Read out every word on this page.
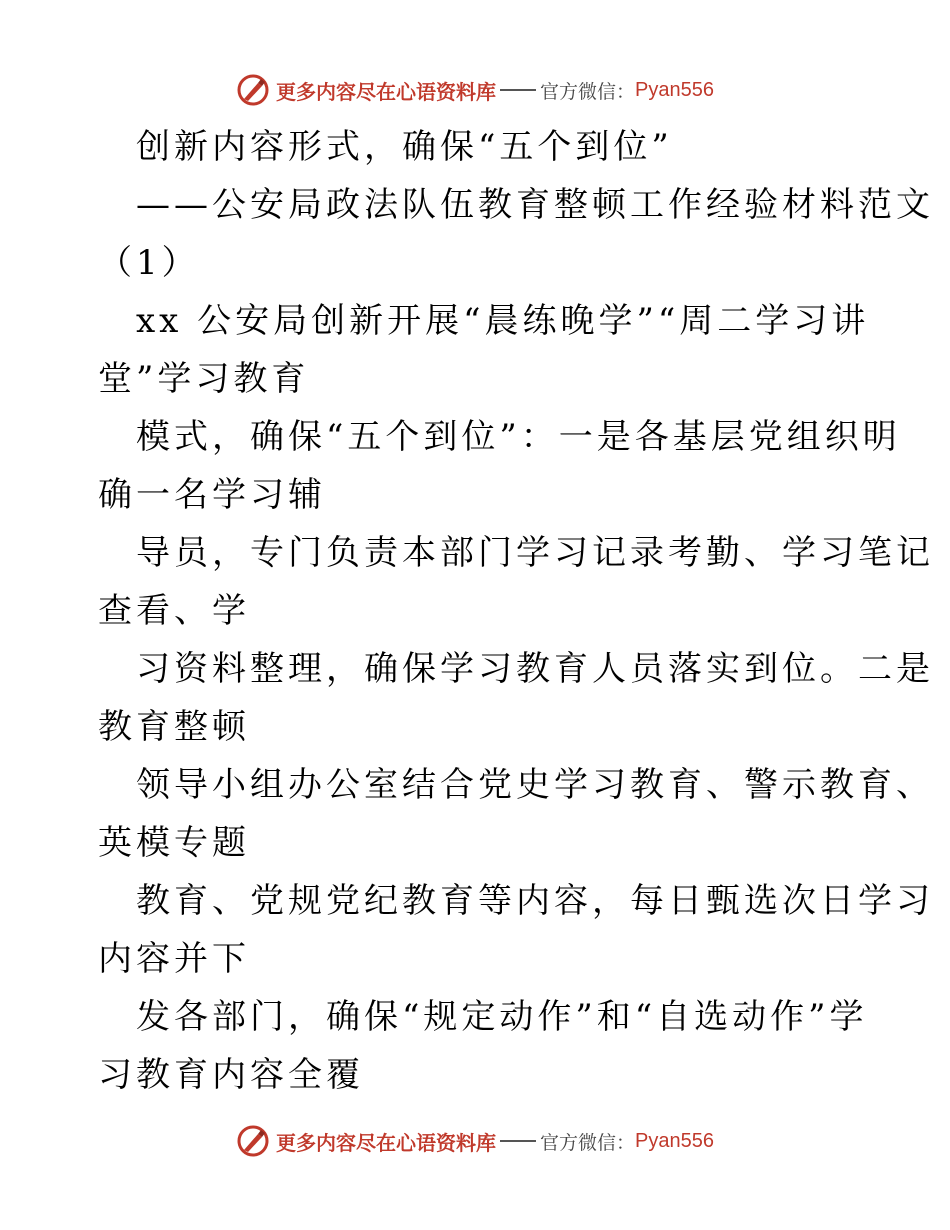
更多内容尽在心语资料库 官方微信： Pyan556
创新内容形式，确保“五个到位”
——公安局政法队伍教育整顿工作经验材料范文
（1）
xx 公安局创新开展“晨练晚学”“周二学习讲
堂”学习教育
模式，确保“五个到位”：一是各基层党组织明
确一名学习辅
导员，专门负责本部门学习记录考勤、学习笔记
查看、学
习资料整理，确保学习教育人员落实到位。二是
教育整顿
领导小组办公室结合党史学习教育、警示教育、
英模专题
教育、党规党纪教育等内容，每日甄选次日学习
内容并下
发各部门，确保“规定动作”和“自选动作”学
习教育内容全覆
更多内容尽在心语资料库 官方微信： Pyan556
